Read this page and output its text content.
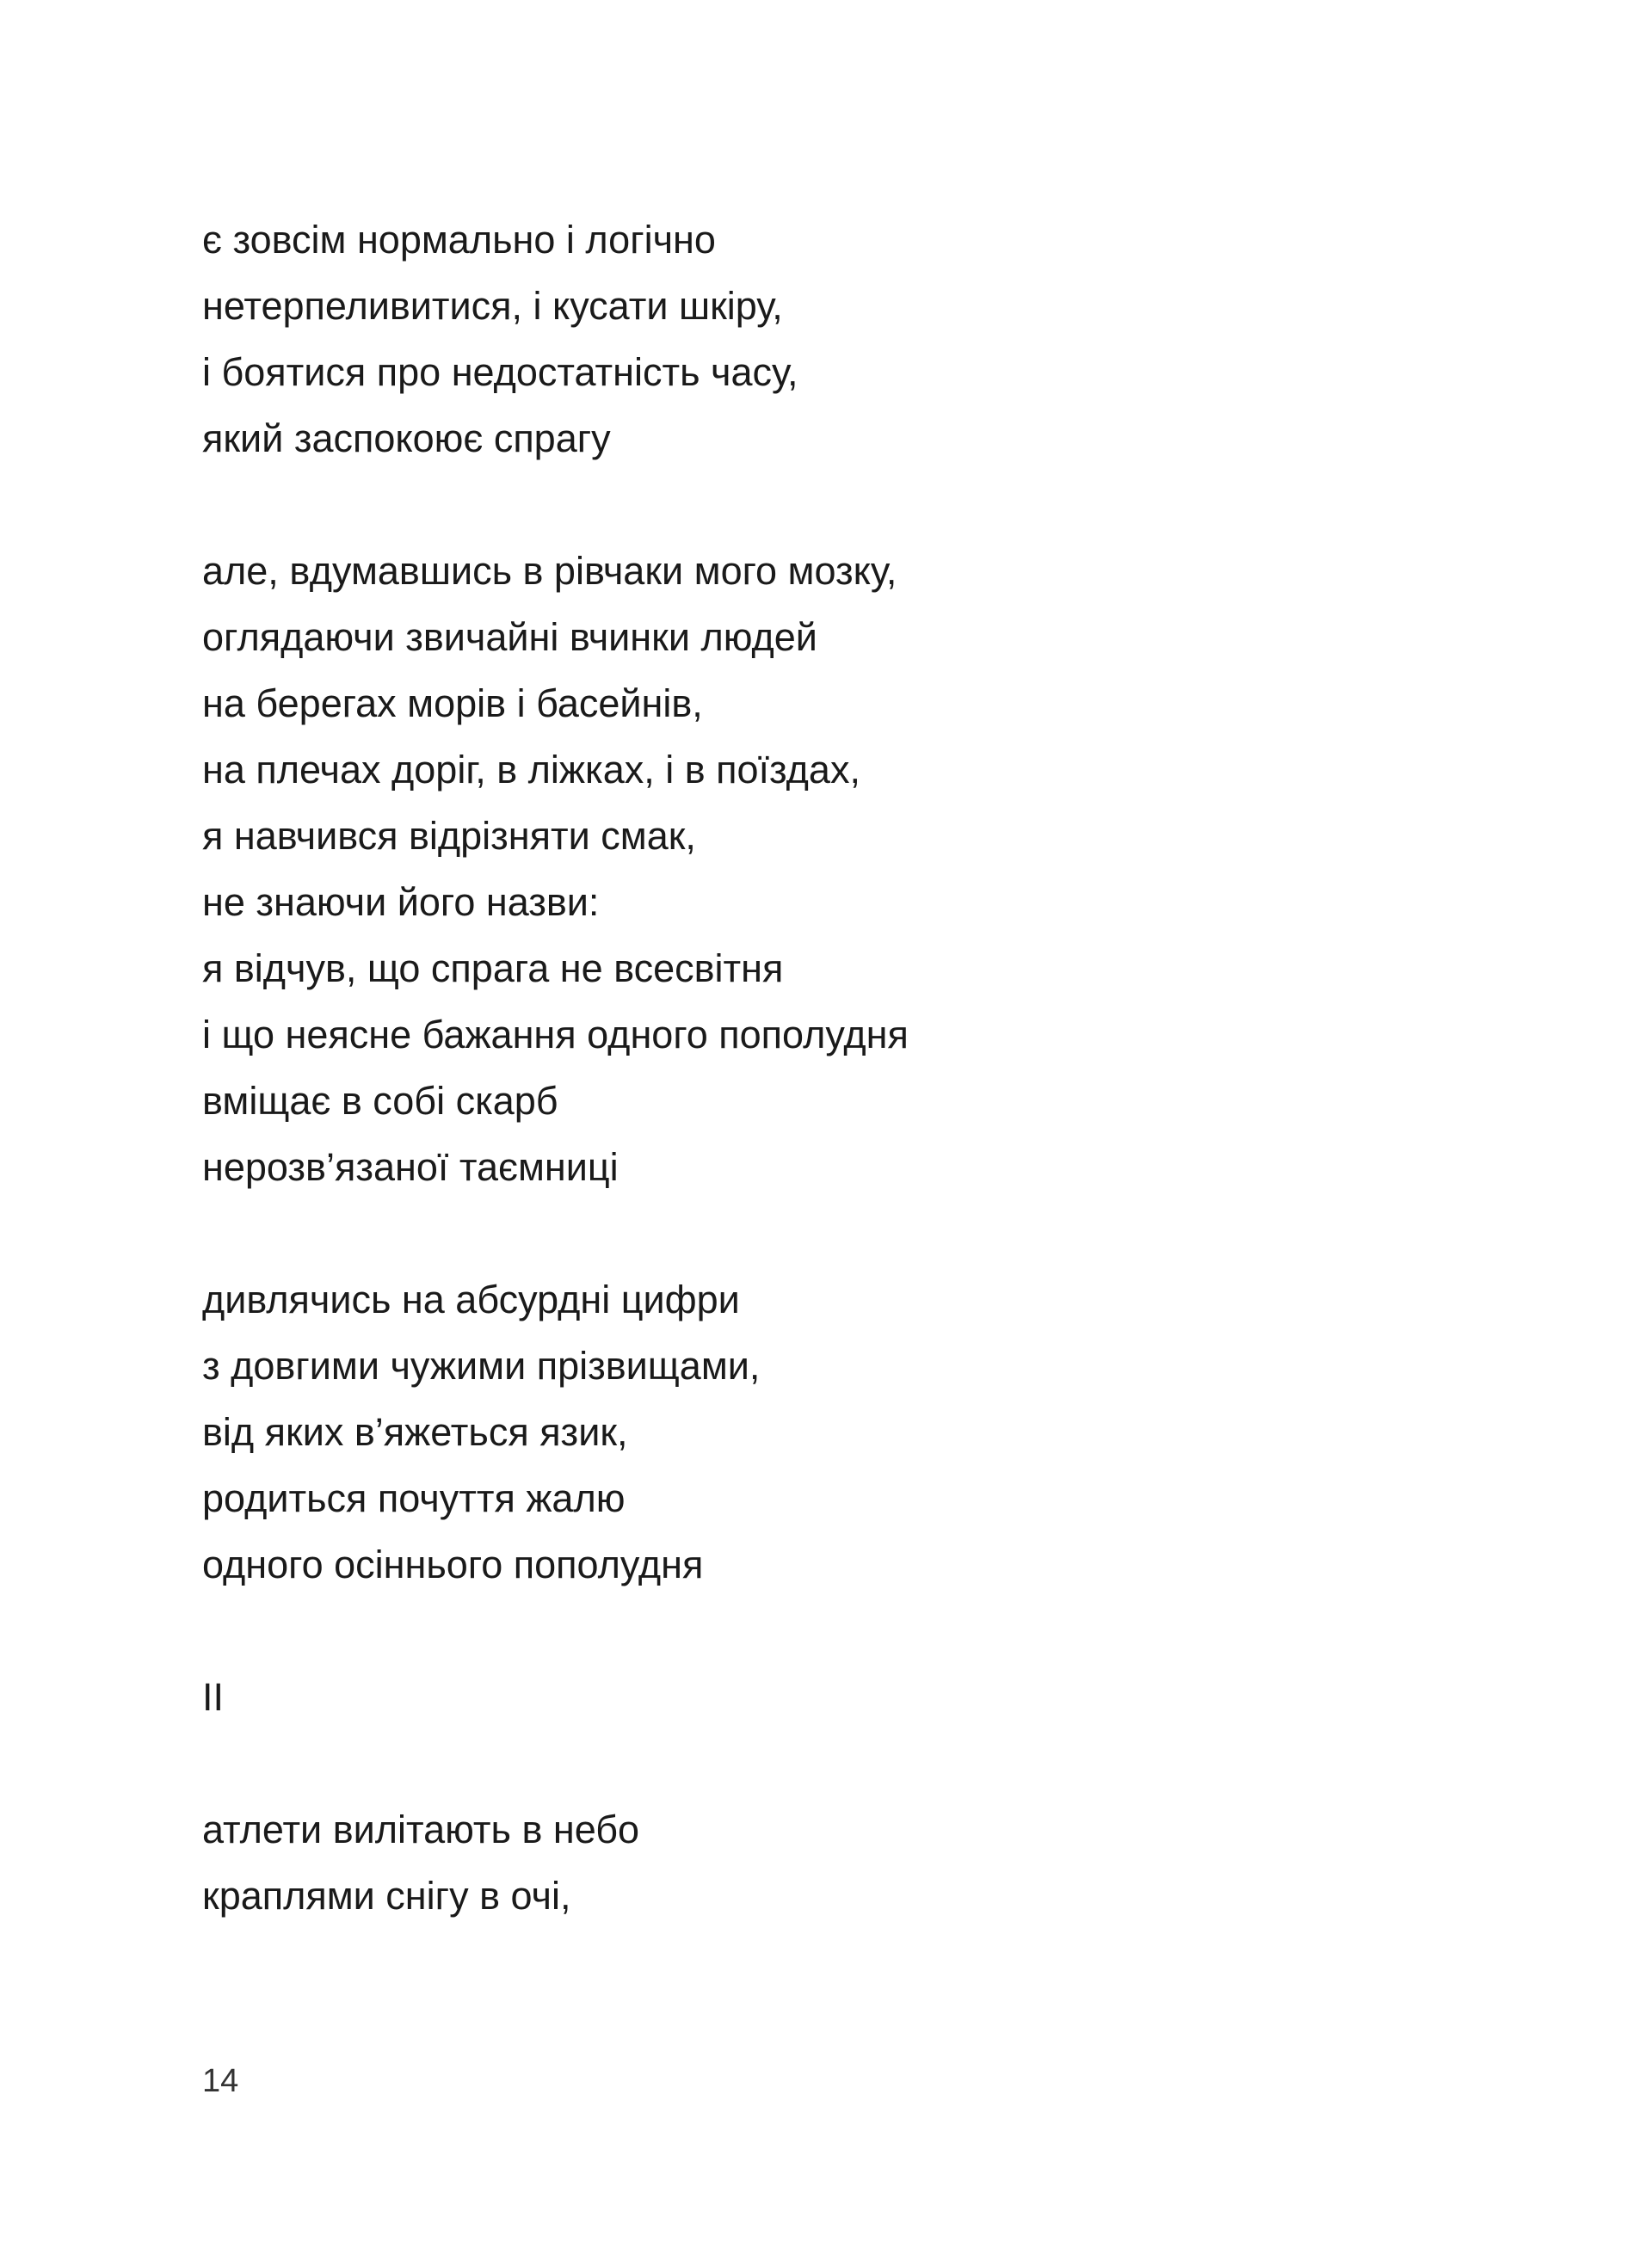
є зовсім нормально і логічно
нетерпеливитися, і кусати шкіру,
і боятися про недостатність часу,
який заспокоює спрагу
але, вдумавшись в рівчаки мого мозку,
оглядаючи звичайні вчинки людей
на берегах морів і басейнів,
на плечах доріг, в ліжках, і в поїздах,
я навчився відрізняти смак,
не знаючи його назви:
я відчув, що спрага не всесвітня
і що неясне бажання одного пополудня
вміщає в собі скарб
нерозв’язаної таємниці
дивлячись на абсурдні цифри
з довгими чужими прізвищами,
від яких в’яжеться язик,
родиться почуття жалю
одного осіннього пополудня
II
атлети вилітають в небо
краплями снігу в очі,
14
